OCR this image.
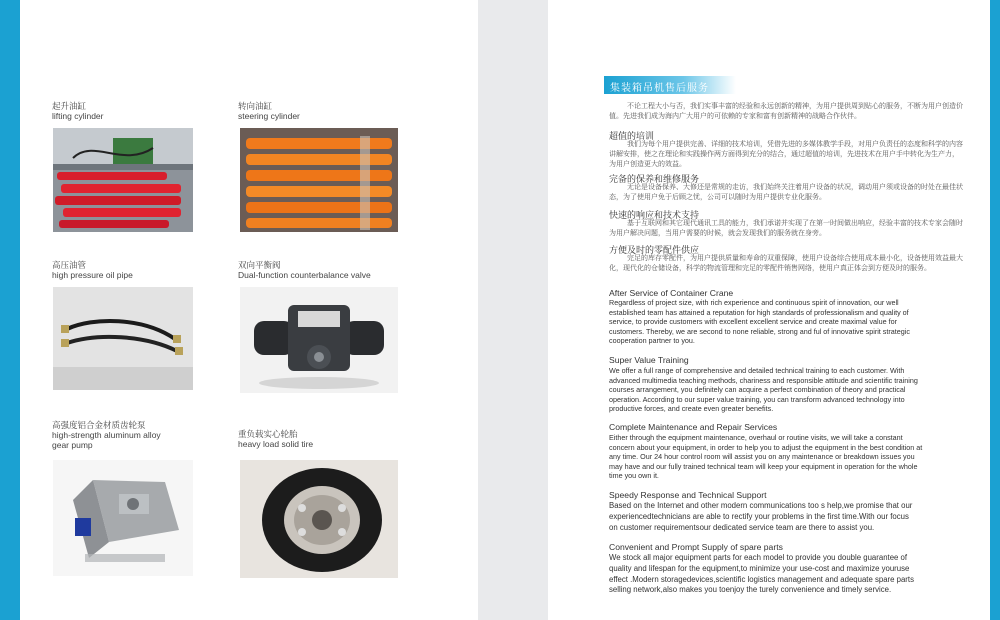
起升油缸
lifting cylinder
转向油缸
steering cylinder
高压油管
high pressure oil pipe
双向平衡阀
Dual-function counterbalance valve
高强度铝合金材质齿轮泵
high-strength aluminum alloy
gear pump
重负载实心轮胎
heavy load solid tire
集装箱吊机售后服务
不论工程大小与否，我们实事丰富的经验和永远创新的精神，为用户提供周到贴心的服务，不断为用户创造价值。先进我们成为海内广大用户的可依赖的专家和富有创新精神的战略合作伙伴。
超值的培训
我们为每个用户提供完善、详细的技术培训，凭借先进的多媒体教学手段，对用户负责任的态度和科学的内容讲解安排，使之在理论和实践操作两方面得到充分的结合，通过超值的培训，先进技术在用户手中转化为生产力，为用户创造更大的效益。
完备的保养和维修服务
无论是设备保养、大修还是常规的走访，我们始终关注着用户设备的状况，调动用户须或设备的时处在最佳状态，为了使用户免于后顾之忧，公司可以随时为用户提供专业化服务。
快速的响应和技术支持
基于互联网和其它现代通讯工具的能力，我们承诺并实现了在第一时间做出响应，经验丰富的技术专家会随时为用户解决问题，当用户需要的时候，就会发现我们的服务就在身旁。
方便及时的零配件供应
完足的库存零配件，为用户提供质量和寿命的双重保障，使用户设备综合使用成本最小化，设备使用效益最大化，现代化的仓储设备，科学的物流管理和完足的零配件销售网络，使用户真正体会到方便及时的服务。
After Service of Container Crane
Regardless of project size, with rich experience and continuous spirit of innovation, our well
established team has attained a reputation for high standards of professionalism and quality of
service, to provide customers with excellent excellent service and create maximal value for
customers. Thereby, we are second to none reliable, strong and ful of innovative spirit strategic
cooperation partner to you.
Super Value Training
We offer a full range of comprehensive and detailed technical training to each customer. With
advanced multimedia teaching methods, chariness and responsible attitude and scientific training
courses arrangement, you definitely can acquire a perfect combination of theory and practical
operation. According to our super value training, you can transform advanced technology into
productive forces, and create even greater benefits.
Complete Maintenance and Repair Services
Either through the equipment maintenance, overhaul or routine visits, we will take a constant
concern about your equipment, in order to help you to adjust the equipment in the best condition at
any time. Our 24 hour control room will assist you on any maintenance or breakdown issues you
may have and our fully trained technical team will keep your equipment in operation for the whole
time you own it.
Speedy Response and Technical Support
Based on the Internet and other modern communications too s help,we promise that our
experiencedtechnicians are able to rectify your problems in the first time.With our focus
on customer requirementsour dedicated service team are there to assist you.
Convenient and Prompt Supply of spare parts
We stock all major equipment parts for each model to provide you double guarantee of
quality and lifespan for the equipment,to minimize your use-cost and maximize youruse
effect .Modern storagedevices,scientific logistics management and adequate spare parts
selling network,also makes you toenjoy the turely convenience and timely service.
